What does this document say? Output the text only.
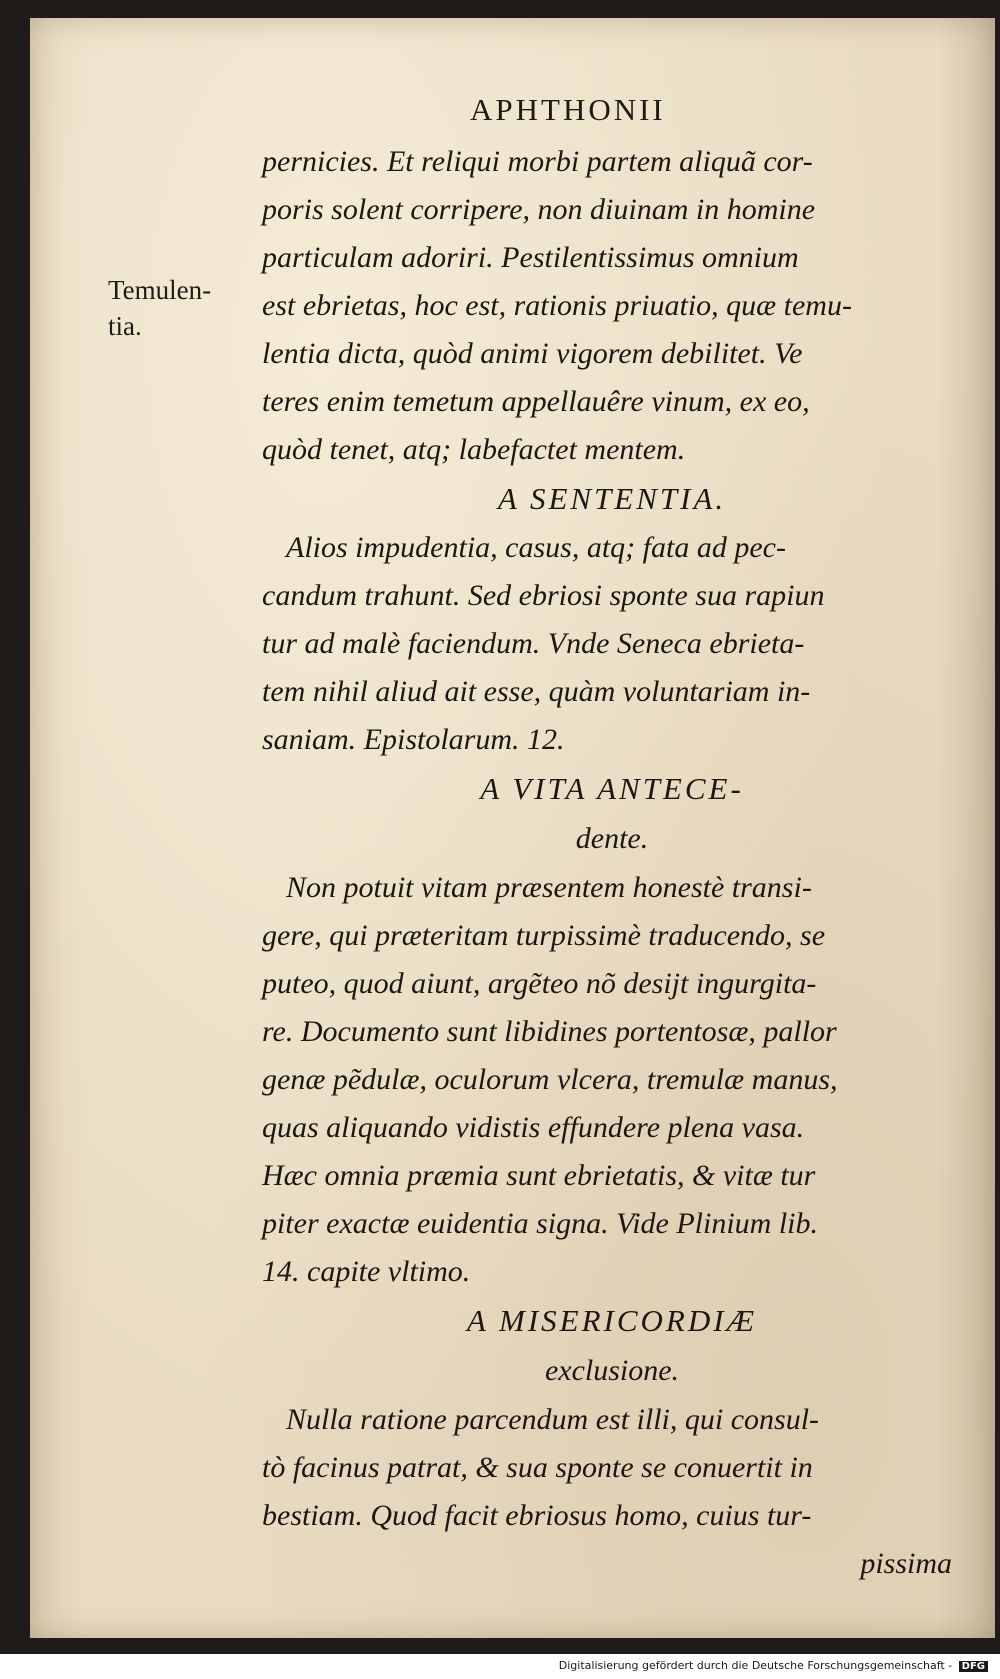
APHTHONII
Temulen-
tia.
pernicies. Et reliqui morbi partem aliquã cor-
poris solent corripere, non diuinam in homine
particulam adoriri. Pestilentissimus omnium
est ebrietas, hoc est, rationis priuatio, quæ temu-
lentia dicta, quòd animi vigorem debilitet. Ve
teres enim temetum appellauêre vinum, ex eo,
quòd tenet, atq; labefactet mentem.
A SENTENTIA.
Alios impudentia, casus, atq; fata ad pec-
candum trahunt. Sed ebriosi sponte sua rapiun
tur ad malè faciendum. Vnde Seneca ebrieta-
tem nihil aliud ait esse, quàm voluntariam in-
saniam. Epistolarum. 12.
A VITA ANTECE-
dente.
Non potuit vitam præsentem honestè transi-
gere, qui præteritam turpissimè traducendo, se
puteo, quod aiunt, argẽteo nõ desijt ingurgita-
re. Documento sunt libidines portentosæ, pallor
genæ pẽdulæ, oculorum vlcera, tremulæ manus,
quas aliquando vidistis effundere plena vasa.
Hæc omnia præmia sunt ebrietatis, & vitæ tur
piter exactæ euidentia signa. Vide Plinium lib.
14. capite vltimo.
A MISERICORDIÆ
exclusione.
Nulla ratione parcendum est illi, qui consul-
tò facinus patrat, & sua sponte se conuertit in
bestiam. Quod facit ebriosus homo, cuius tur-
pissima
Digitalisierung gefördert durch die Deutsche Forschungsgemeinschaft - DFG
